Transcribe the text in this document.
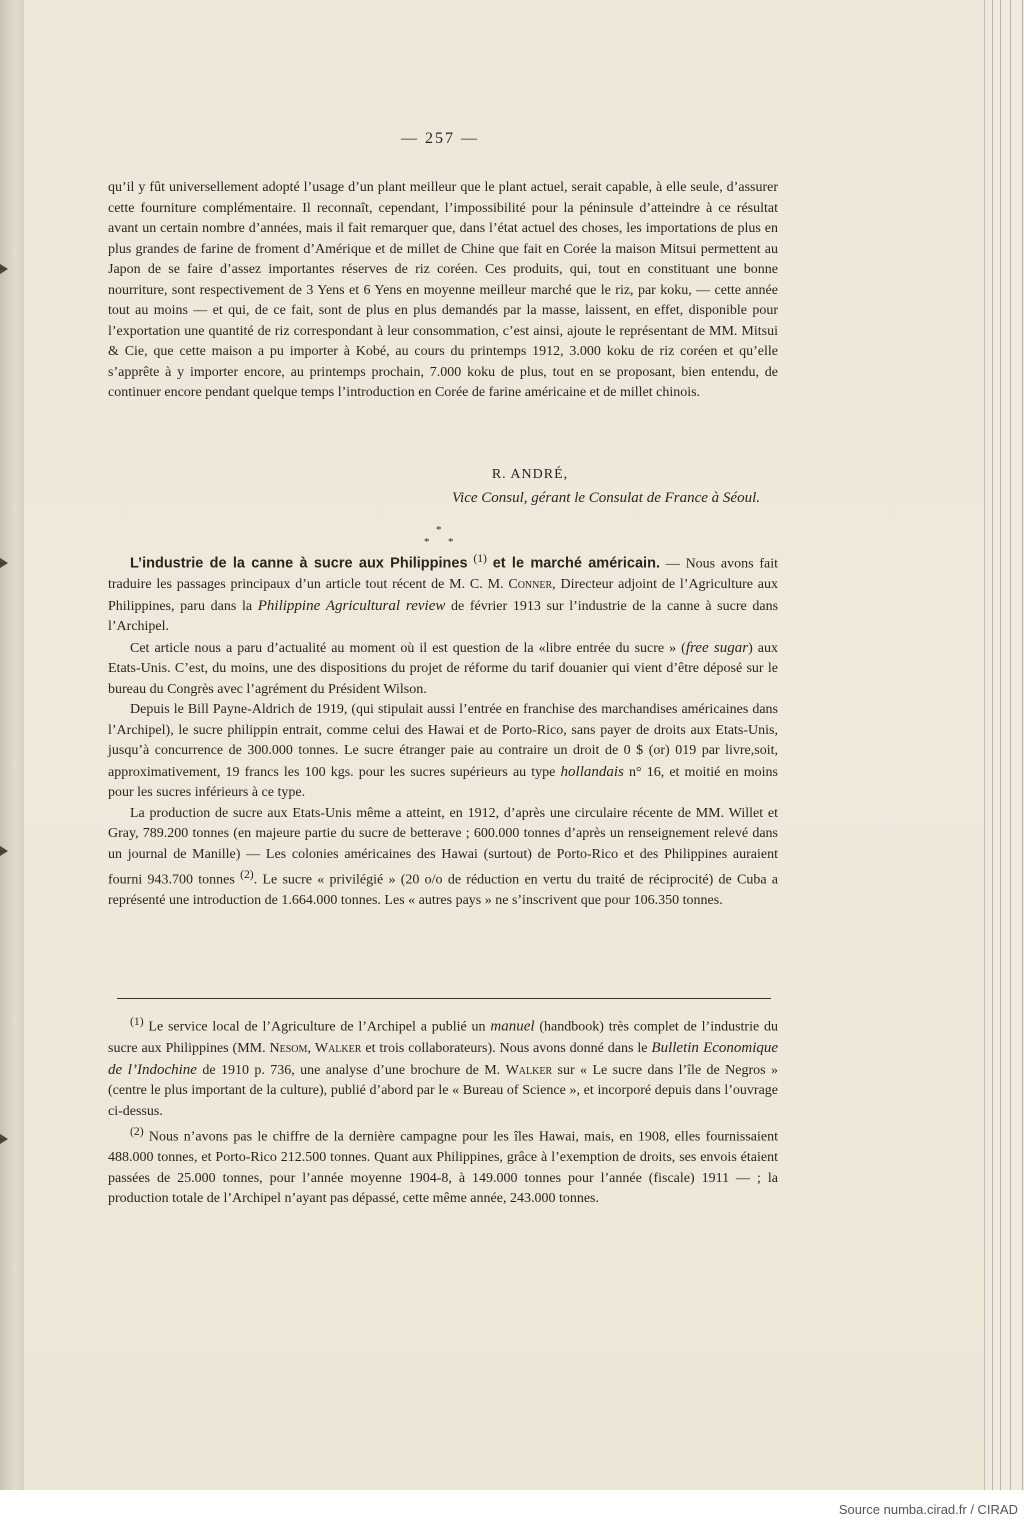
— 257 —

qu’il y fût universellement adopté l’usage d’un plant meilleur que le plant actuel, serait capable, à elle seule, d’assurer cette fourniture complémentaire. Il reconnaît, cependant, l’impossibilité pour la péninsule d’atteindre à ce résultat avant un certain nombre d’années, mais il fait remarquer que, dans l’état actuel des choses, les importations de plus en plus grandes de farine de froment d’Amérique et de millet de Chine que fait en Corée la maison Mitsui permettent au Japon de se faire d’assez importantes réserves de riz coréen. Ces produits, qui, tout en constituant une bonne nourriture, sont respectivement de 3 Yens et 6 Yens en moyenne meilleur marché que le riz, par koku, — cette année tout au moins — et qui, de ce fait, sont de plus en plus demandés par la masse, laissent, en effet, disponible pour l’exportation une quantité de riz correspondant à leur consommation, c’est ainsi, ajoute le représentant de MM. Mitsui & Cie, que cette maison a pu importer à Kobé, au cours du printemps 1912, 3.000 koku de riz coréen et qu’elle s’apprête à y importer encore, au printemps prochain, 7.000 koku de plus, tout en se proposant, bien entendu, de continuer encore pendant quelque temps l’introduction en Corée de farine américaine et de millet chinois.

R. ANDRÉ,
Vice Consul, gérant le Consulat de France à Séoul.
*
* *

L’industrie de la canne à sucre aux Philippines $^{(1)}$ et le marché américain. — Nous avons fait traduire les passages principaux d’un article tout récent de M. C. M. Conner, Directeur adjoint de l’Agriculture aux Philippines, paru dans la Philippine Agricultural review de février 1913 sur l’industrie de la canne à sucre dans l’Archipel.

Cet article nous a paru d’actualité au moment où il est question de la «libre entrée du sucre » (free sugar) aux Etats-Unis. C’est, du moins, une des dispositions du projet de réforme du tarif douanier qui vient d’être déposé sur le bureau du Congrès avec l’agrément du Président Wilson.

Depuis le Bill Payne-Aldrich de 1919, (qui stipulait aussi l’entrée en franchise des marchandises américaines dans l’Archipel), le sucre philippin entrait, comme celui des Hawai et de Porto-Rico, sans payer de droits aux Etats-Unis, jusqu’à concurrence de 300.000 tonnes. Le sucre étranger paie au contraire un droit de 0 $ (or) 019 par livre,soit, approximativement, 19 francs les 100 kgs. pour les sucres supérieurs au type hollandais n° 16, et moitié en moins pour les sucres inférieurs à ce type.

La production de sucre aux Etats-Unis même a atteint, en 1912, d’après une circulaire récente de MM. Willet et Gray, 789.200 tonnes (en majeure partie du sucre de betterave ; 600.000 tonnes d’après un renseignement relevé dans un journal de Manille) — Les colonies américaines des Hawai (surtout) de Porto-Rico et des Philippines auraient fourni 943.700 tonnes $^{(2)}$. Le sucre « privilégié » (20 o/o de réduction en vertu du traité de réciprocité) de Cuba a représenté une introduction de 1.664.000 tonnes. Les « autres pays » ne s’inscrivent que pour 106.350 tonnes.

$^{(1)}$ Le service local de l’Agriculture de l’Archipel a publié un manuel (handbook) très complet de l’industrie du sucre aux Philippines (MM. Nesom, Walker et trois collaborateurs). Nous avons donné dans le Bulletin Economique de l’Indochine de 1910 p. 736, une analyse d’une brochure de M. Walker sur « Le sucre dans l’île de Negros » (centre le plus important de la culture), publié d’abord par le « Bureau of Science », et incorporé depuis dans l’ouvrage ci-dessus.

$^{(2)}$ Nous n’avons pas le chiffre de la dernière campagne pour les îles Hawai, mais, en 1908, elles fournissaient 488.000 tonnes, et Porto-Rico 212.500 tonnes. Quant aux Philippines, grâce à l’exemption de droits, ses envois étaient passées de 25.000 tonnes, pour l’année moyenne 1904-8, à 149.000 tonnes pour l’année (fiscale) 1911 — ; la production totale de l’Archipel n’ayant pas dépassé, cette même année, 243.000 tonnes.

Source numba.cirad.fr / CIRAD
